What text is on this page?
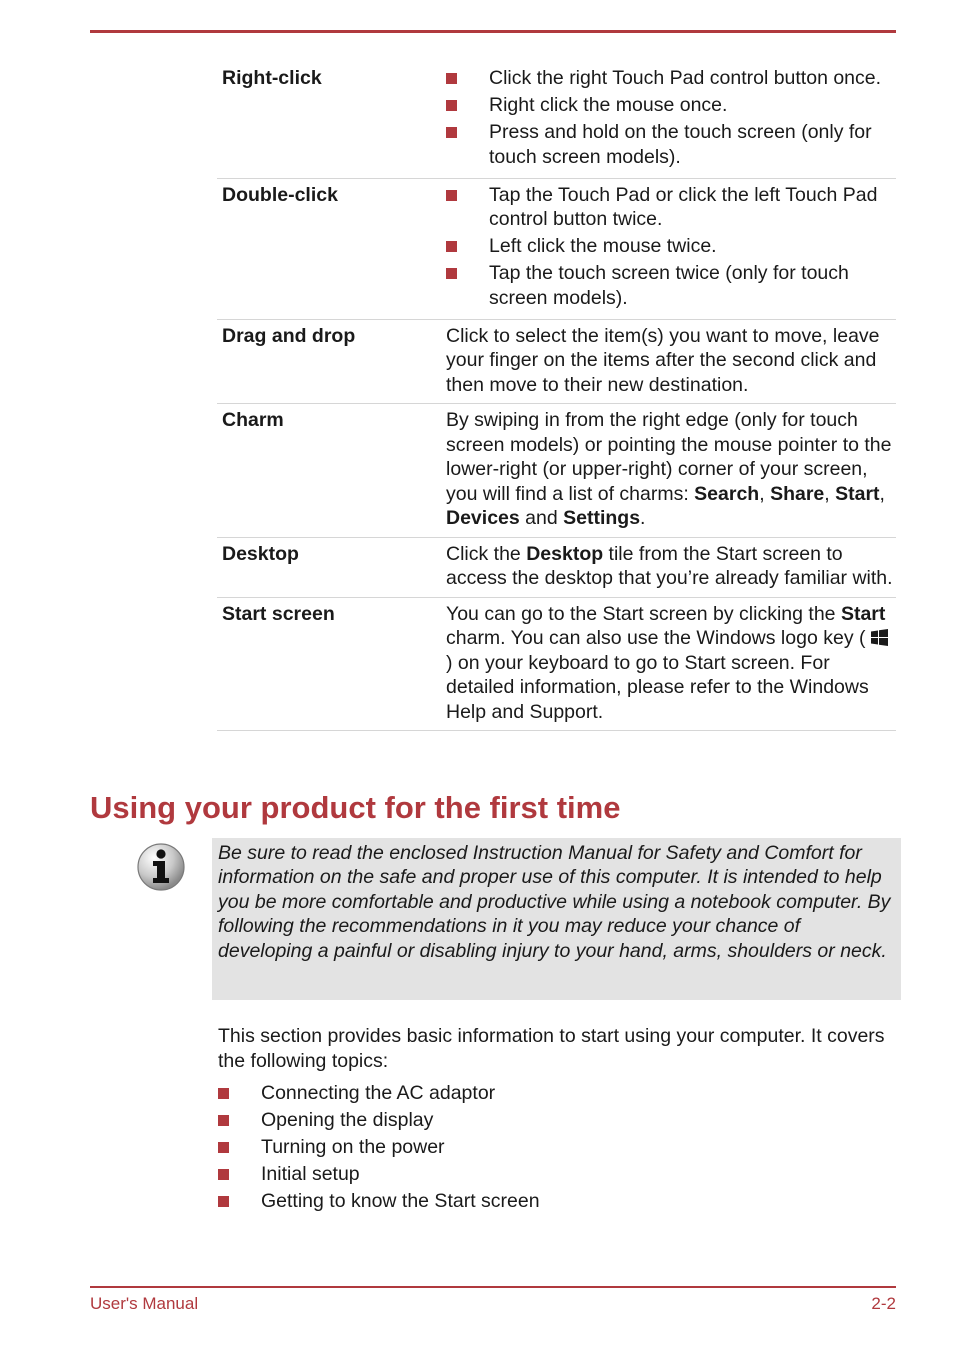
Right-click	Click the right Touch Pad control button once.
Right click the mouse once.
Press and hold on the touch screen (only for touch screen models).
Double-click	Tap the Touch Pad or click the left Touch Pad control button twice.
Left click the mouse twice.
Tap the touch screen twice (only for touch screen models).
Drag and drop	Click to select the item(s) you want to move, leave your finger on the items after the second click and then move to their new destination.
Charm	By swiping in from the right edge (only for touch screen models) or pointing the mouse pointer to the lower-right (or upper-right) corner of your screen, you will find a list of charms: Search, Share, Start, Devices and Settings.
Desktop	Click the Desktop tile from the Start screen to access the desktop that you’re already familiar with.
Start screen	You can go to the Start screen by clicking the Start charm. You can also use the Windows logo key () on your keyboard to go to Start screen. For detailed information, please refer to the Windows Help and Support.
Using your product for the first time
Be sure to read the enclosed Instruction Manual for Safety and Comfort for information on the safe and proper use of this computer. It is intended to help you be more comfortable and productive while using a notebook computer. By following the recommendations in it you may reduce your chance of developing a painful or disabling injury to your hand, arms, shoulders or neck.

This section provides basic information to start using your computer. It covers the following topics:

Connecting the AC adaptor
Opening the display
Turning on the power
Initial setup
Getting to know the Start screen
User's Manual	2-2
